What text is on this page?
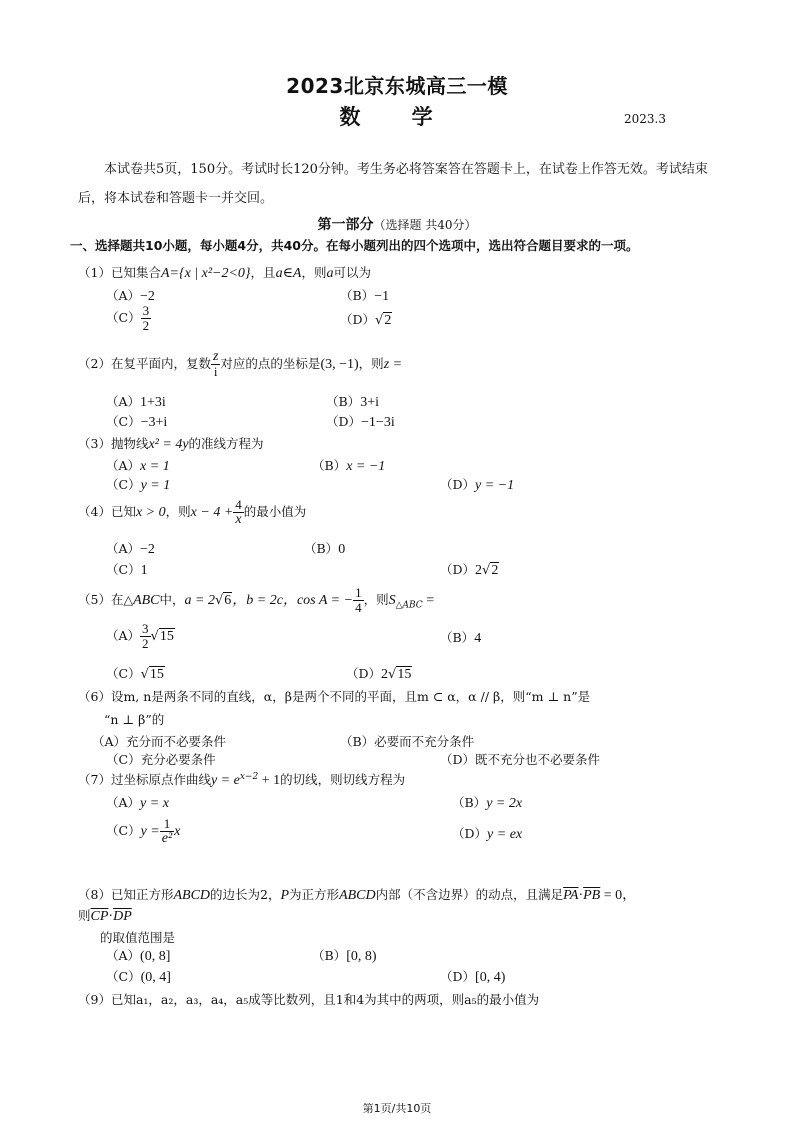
2023北京东城高三一模
数 学	2023.3
本试卷共5页，150分。考试时长120分钟。考生务必将答案答在答题卡上，在试卷上作答无效。考试结束后，将本试卷和答题卡一并交回。
第一部分（选择题 共40分）
一、选择题共10小题，每小题4分，共40分。在每小题列出的四个选项中，选出符合题目要求的一项。
（1）已知集合A={x | x²−2<0}，且a∈A，则a可以为
（A）−2	（B）−1
$(C) \frac{3}{2}$	（D）√2
（2）在复平面内，复数 $\frac{z}{i}$ 对应的点的坐标是(3, −1)，则z =
（A）1+3i	（B）3+i
（C）−3+i	（D）−1−3i
（3）抛物线x² = 4y的准线方程为
（A）x = 1	（B）x = −1
（C）y = 1	（D）y = −1
（4）已知x > 0，则$x - 4 + \frac{4}{x}$ 的最小值为
（A）−2	（B）0
（C）1	（D）2√2
（5）在△ABC中，a = 2√6，b = 2c，cos A = − $\frac{1}{4}$ ，则$S_{\triangle ABC}$ =
$(A) \frac{3}{2} √15$	（B）4
（C）√15	（D）2√15
（6）设m, n是两条不同的直线，α，β是两个不同的平面，且m ⊂ α，α // β，则“m ⊥ n”是
“n ⊥ β”的
（A）充分而不必要条件	（B）必要而不充分条件
（C）充分必要条件	（D）既不充分也不必要条件
（7）过坐标原点作曲线$y = e^{x-2} + 1$的切线，则切线方程为
（A）y = x	（B）y = 2x
$(C)y = \frac{1}{\text{e²}}$ x	（D）y = ex
（8）已知正方形ABCD的边长为2，P为正方形ABCD内部（不含边界）的动点，且满足$\overline{PA}\cdot\overline{PB} = 0$，
则$\overline{CP}\cdot\overline{DP}$
的取值范围是
（A）(0, 8]	（B）[0, 8)
（C）(0, 4]	（D）[0, 4)
（9）已知a₁，a₂，a₃，a₄，a₅成等比数列，且1和4为其中的两项，则a₅的最小值为
第1页/共10页
